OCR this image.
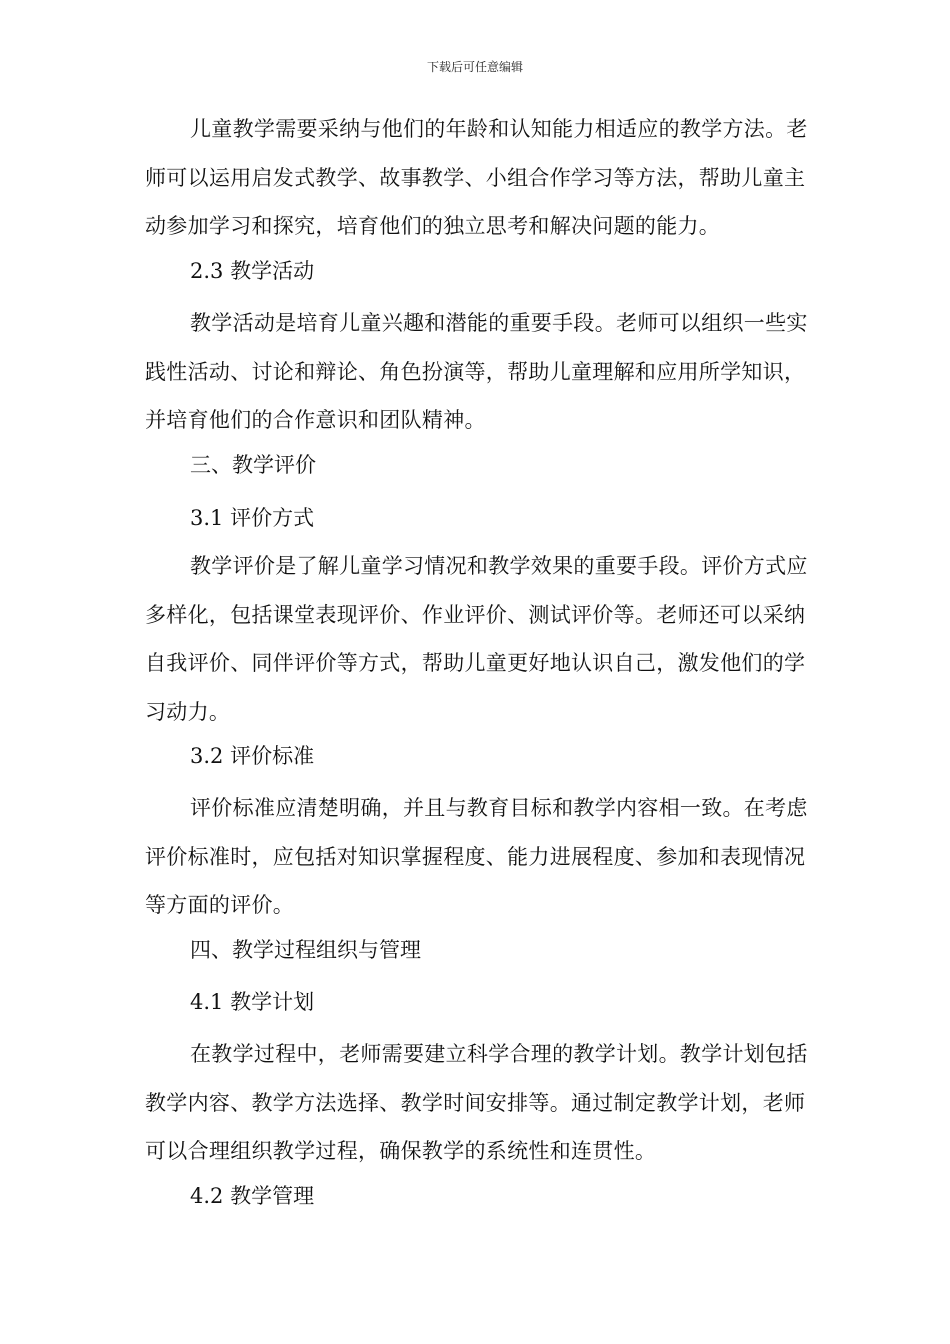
下载后可任意编辑

儿童教学需要采纳与他们的年龄和认知能力相适应的教学方法。老师可以运用启发式教学、故事教学、小组合作学习等方法，帮助儿童主动参加学习和探究，培育他们的独立思考和解决问题的能力。

2.3 教学活动

教学活动是培育儿童兴趣和潜能的重要手段。老师可以组织一些实践性活动、讨论和辩论、角色扮演等，帮助儿童理解和应用所学知识，并培育他们的合作意识和团队精神。

三、教学评价

3.1 评价方式

教学评价是了解儿童学习情况和教学效果的重要手段。评价方式应多样化，包括课堂表现评价、作业评价、测试评价等。老师还可以采纳自我评价、同伴评价等方式，帮助儿童更好地认识自己，激发他们的学习动力。

3.2 评价标准

评价标准应清楚明确，并且与教育目标和教学内容相一致。在考虑评价标准时，应包括对知识掌握程度、能力进展程度、参加和表现情况等方面的评价。

四、教学过程组织与管理

4.1 教学计划

在教学过程中，老师需要建立科学合理的教学计划。教学计划包括教学内容、教学方法选择、教学时间安排等。通过制定教学计划，老师可以合理组织教学过程，确保教学的系统性和连贯性。

4.2 教学管理
